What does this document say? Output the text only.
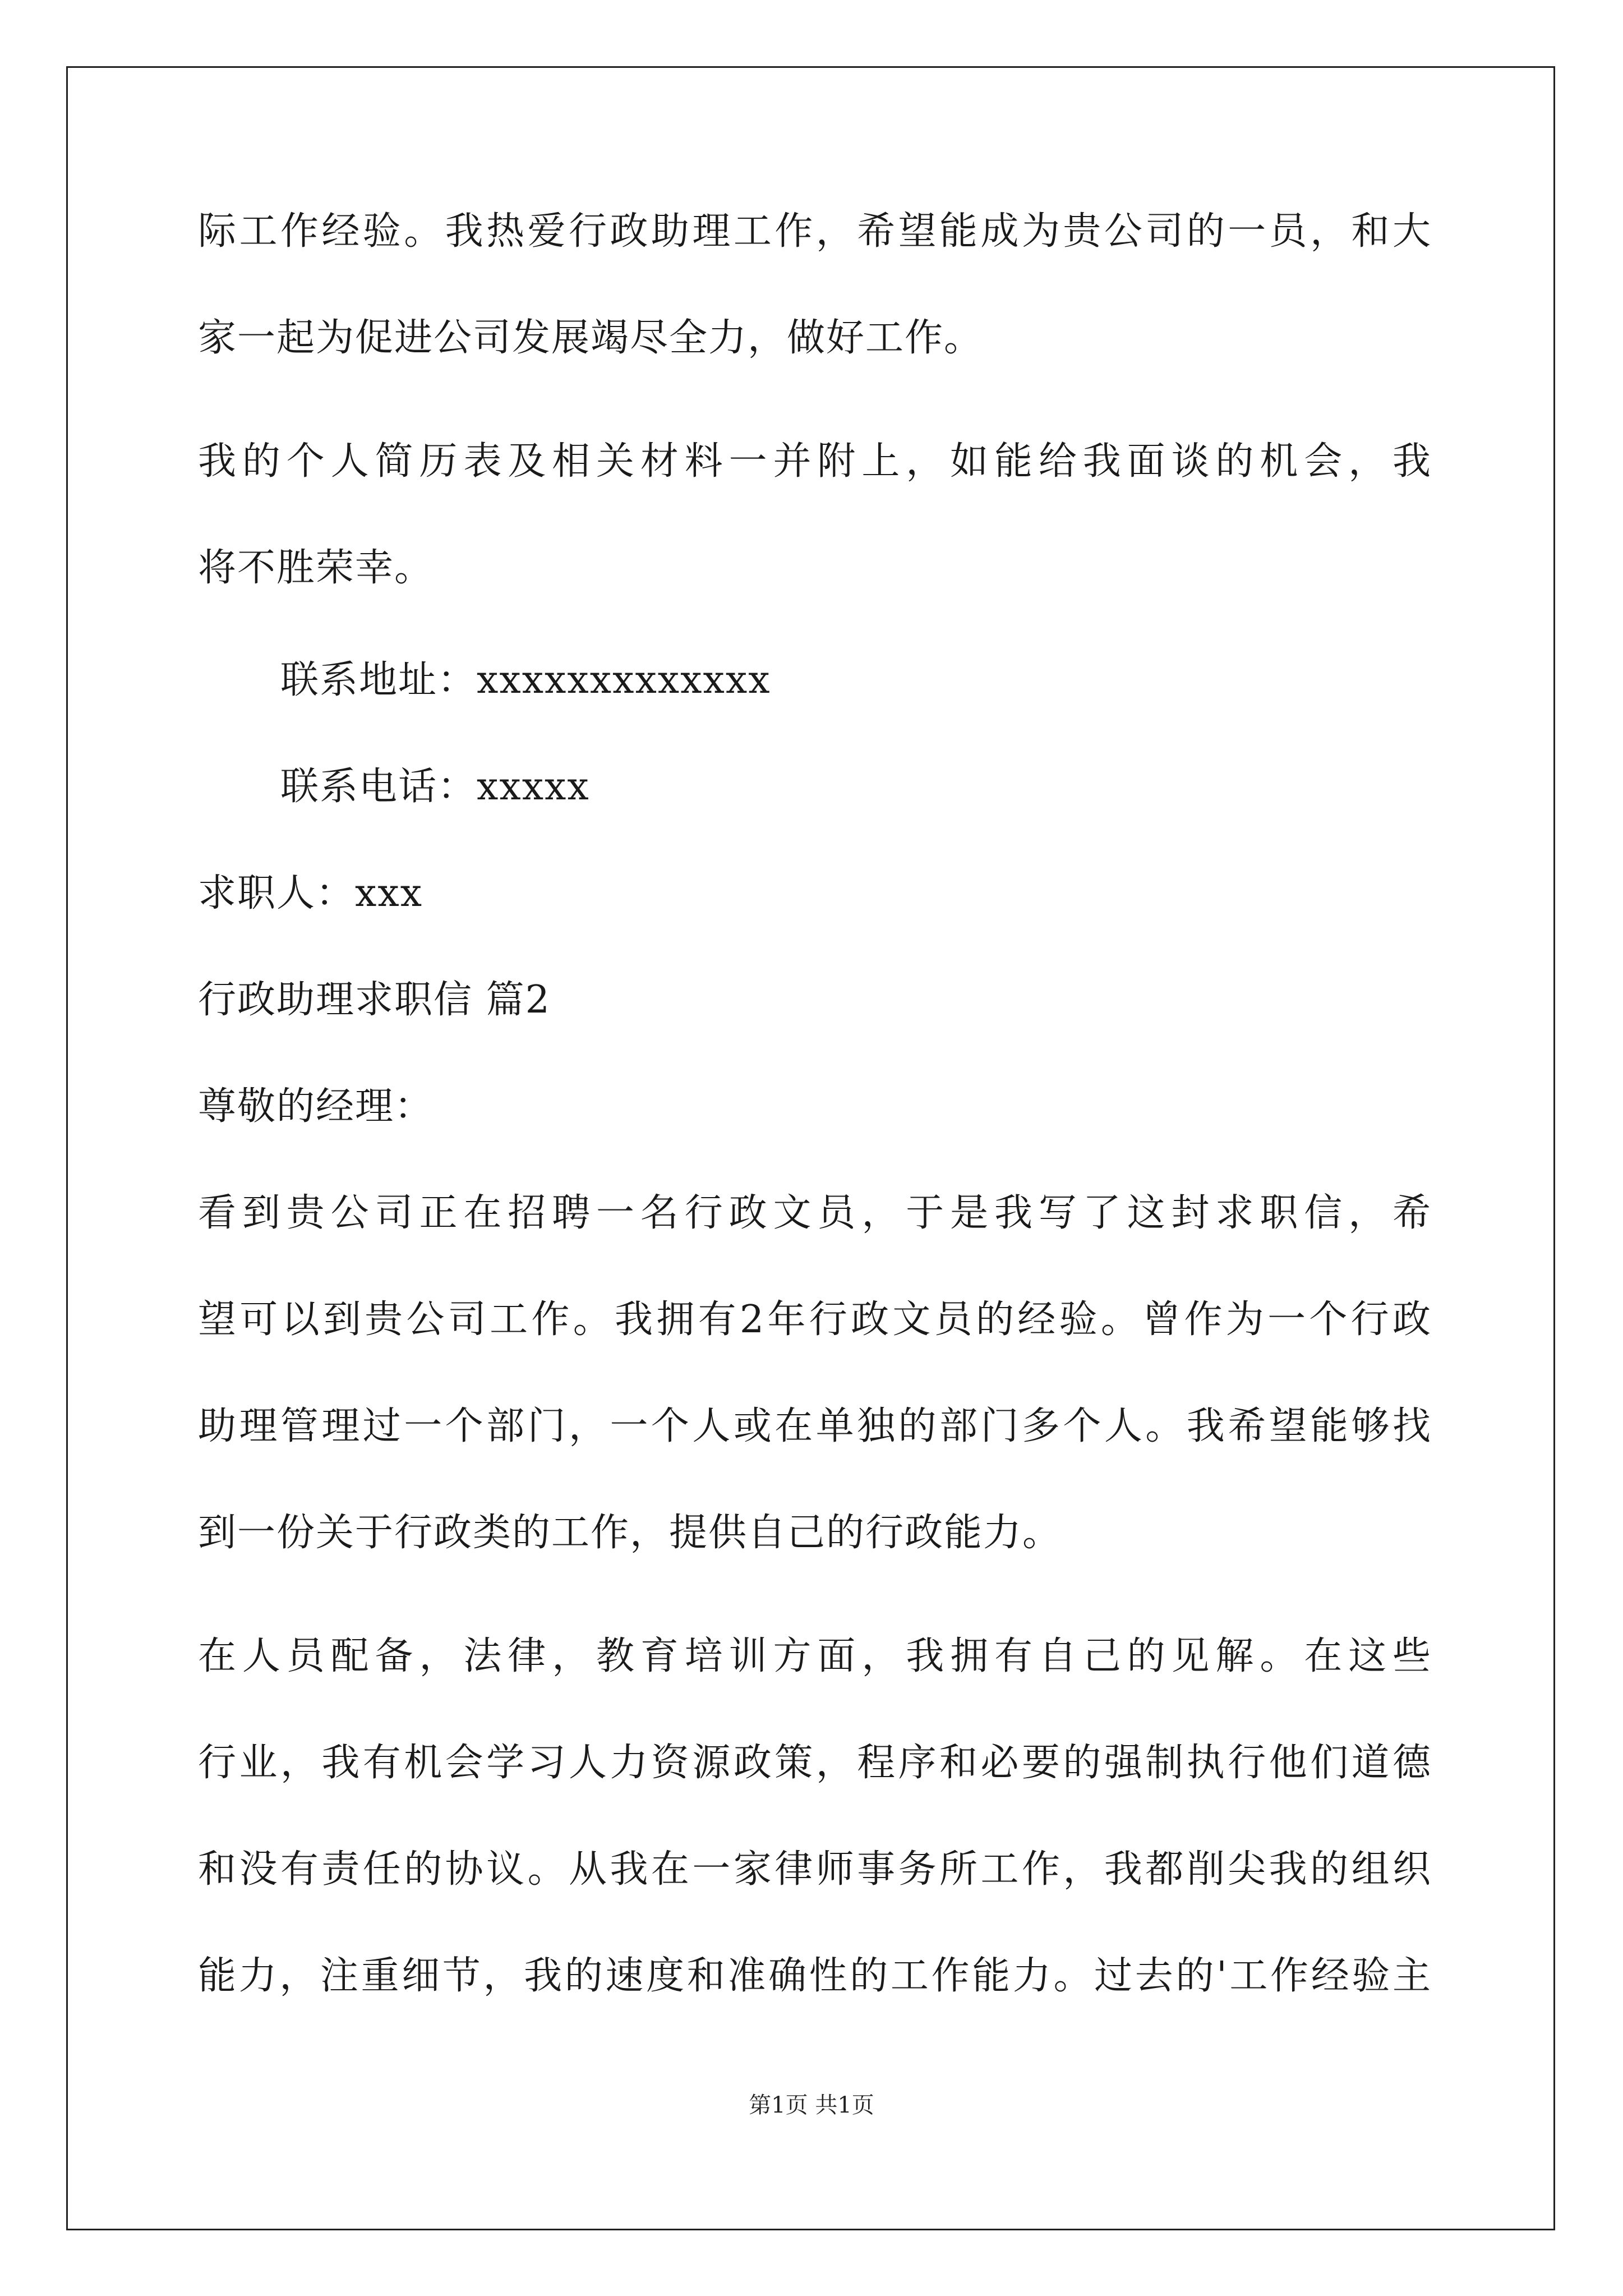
际工作经验。我热爱行政助理工作，希望能成为贵公司的一员，和大
家一起为促进公司发展竭尽全力，做好工作。
我的个人简历表及相关材料一并附上，如能给我面谈的机会，我
将不胜荣幸。
联系地址：xxxxxxxxxxxxx
联系电话：xxxxx
求职人：xxx
行政助理求职信 篇2
尊敬的经理：
看到贵公司正在招聘一名行政文员，于是我写了这封求职信，希
望可以到贵公司工作。我拥有2年行政文员的经验。曾作为一个行政
助理管理过一个部门，一个人或在单独的部门多个人。我希望能够找
到一份关于行政类的工作，提供自己的行政能力。
在人员配备，法律，教育培训方面，我拥有自己的见解。在这些
行业，我有机会学习人力资源政策，程序和必要的强制执行他们道德
和没有责任的协议。从我在一家律师事务所工作，我都削尖我的组织
能力，注重细节，我的速度和准确性的工作能力。过去的'工作经验主
第1页 共1页
